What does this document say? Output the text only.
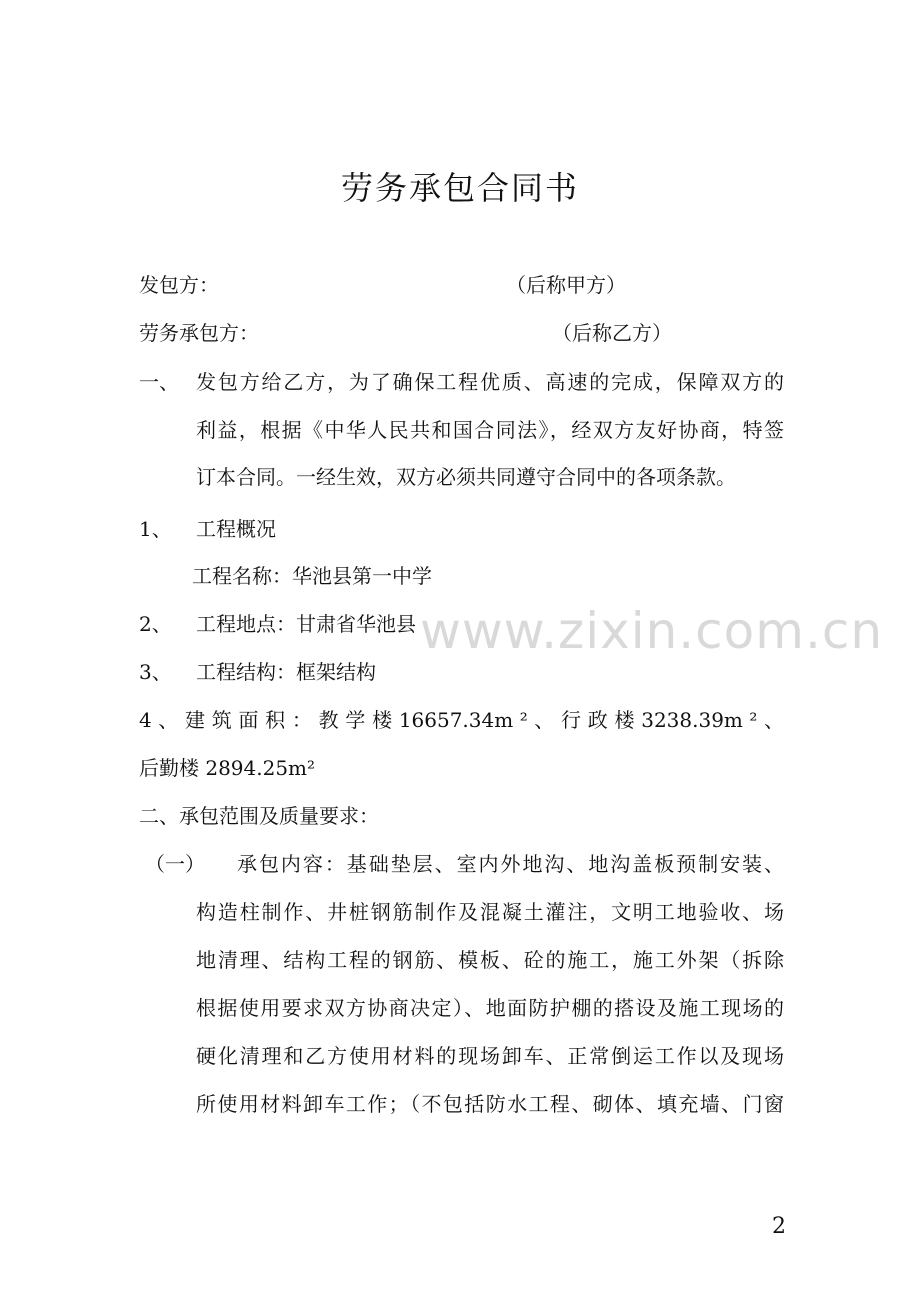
www.zixin.com.cn
劳务承包合同书
发包方：	（后称甲方）
劳务承包方：	（后称乙方）
一、 发包方给乙方，为了确保工程优质、高速的完成，保障双方的
利益，根据《中华人民共和国合同法》，经双方友好协商，特签
订本合同。一经生效，双方必须共同遵守合同中的各项条款。
1、 工程概况
工程名称：华池县第一中学
2、 工程地点：甘肃省华池县
3、 工程结构：框架结构
4 、 建 筑 面 积 ： 教 学 楼 16657.34m ² 、 行 政 楼 3238.39m ² 、
后勤楼 2894.25m²
二、承包范围及质量要求：
（一） 承包内容：基础垫层、室内外地沟、地沟盖板预制安装、
构造柱制作、井桩钢筋制作及混凝土灌注，文明工地验收、场
地清理、结构工程的钢筋、模板、砼的施工，施工外架（拆除
根据使用要求双方协商决定）、地面防护棚的搭设及施工现场的
硬化清理和乙方使用材料的现场卸车、正常倒运工作以及现场
所使用材料卸车工作；（不包括防水工程、砌体、填充墙、门窗
2
